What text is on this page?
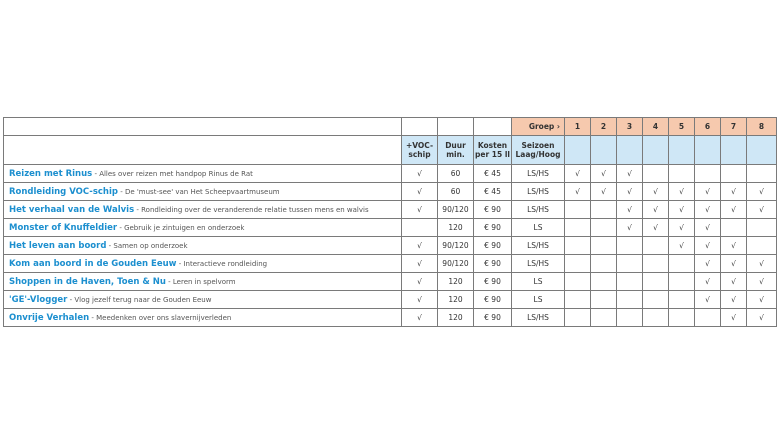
				Groep ›	1	2	3	4	5	6	7	8
	+VOC-schip	Duur min.	Kosten per 15 ll	Seizoen Laag/Hoog								
Reizen met Rinus - Alles over reizen met handpop Rinus de Rat	√	60	€ 45	LS/HS	√	√	√					
Rondleiding VOC-schip - De 'must-see' van Het Scheepvaartmuseum	√	60	€ 45	LS/HS	√	√	√	√	√	√	√	√
Het verhaal van de Walvis - Rondleiding over de veranderende relatie tussen mens en walvis	√	90/120	€ 90	LS/HS			√	√	√	√	√	√
Monster of Knuffeldier - Gebruik je zintuigen en onderzoek		120	€ 90	LS			√	√	√	√		
Het leven aan boord - Samen op onderzoek	√	90/120	€ 90	LS/HS					√	√	√	
Kom aan boord in de Gouden Eeuw - Interactieve rondleiding	√	90/120	€ 90	LS/HS						√	√	√
Shoppen in de Haven, Toen & Nu - Leren in spelvorm	√	120	€ 90	LS						√	√	√
'GE'-Vlogger - Vlog jezelf terug naar de Gouden Eeuw	√	120	€ 90	LS						√	√	√
Onvrije Verhalen - Meedenken over ons slavernijverleden	√	120	€ 90	LS/HS							√	√
